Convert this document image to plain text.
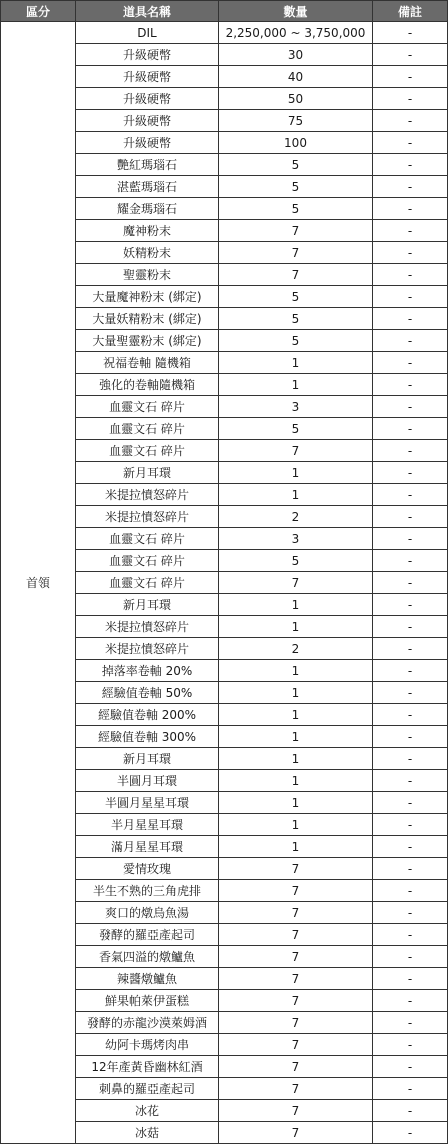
區分	道具名稱	數量	備註
首領	DIL	2,250,000 ~ 3,750,000	-
	升級硬幣	30	-
	升級硬幣	40	-
	升級硬幣	50	-
	升級硬幣	75	-
	升級硬幣	100	-
	艷紅瑪瑙石	5	-
	湛藍瑪瑙石	5	-
	耀金瑪瑙石	5	-
	魔神粉末	7	-
	妖精粉末	7	-
	聖靈粉末	7	-
	大量魔神粉末 (綁定)	5	-
	大量妖精粉末 (綁定)	5	-
	大量聖靈粉末 (綁定)	5	-
	祝福卷軸 隨機箱	1	-
	強化的卷軸隨機箱	1	-
	血靈文石 碎片	3	-
	血靈文石 碎片	5	-
	血靈文石 碎片	7	-
	新月耳環	1	-
	米提拉憤怒碎片	1	-
	米提拉憤怒碎片	2	-
	血靈文石 碎片	3	-
	血靈文石 碎片	5	-
	血靈文石 碎片	7	-
	新月耳環	1	-
	米提拉憤怒碎片	1	-
	米提拉憤怒碎片	2	-
	掉落率卷軸 20%	1	-
	經驗值卷軸 50%	1	-
	經驗值卷軸 200%	1	-
	經驗值卷軸 300%	1	-
	新月耳環	1	-
	半圓月耳環	1	-
	半圓月星星耳環	1	-
	半月星星耳環	1	-
	滿月星星耳環	1	-
	愛情玫瑰	7	-
	半生不熟的三角虎排	7	-
	爽口的燉烏魚湯	7	-
	發酵的羅亞產起司	7	-
	香氣四溢的燉鱸魚	7	-
	辣醬燉鱸魚	7	-
	鮮果帕萊伊蛋糕	7	-
	發酵的赤龍沙漠萊姆酒	7	-
	幼阿卡瑪烤肉串	7	-
	12年產黃昏幽林紅酒	7	-
	刺鼻的羅亞產起司	7	-
	冰花	7	-
	冰菇	7	-
